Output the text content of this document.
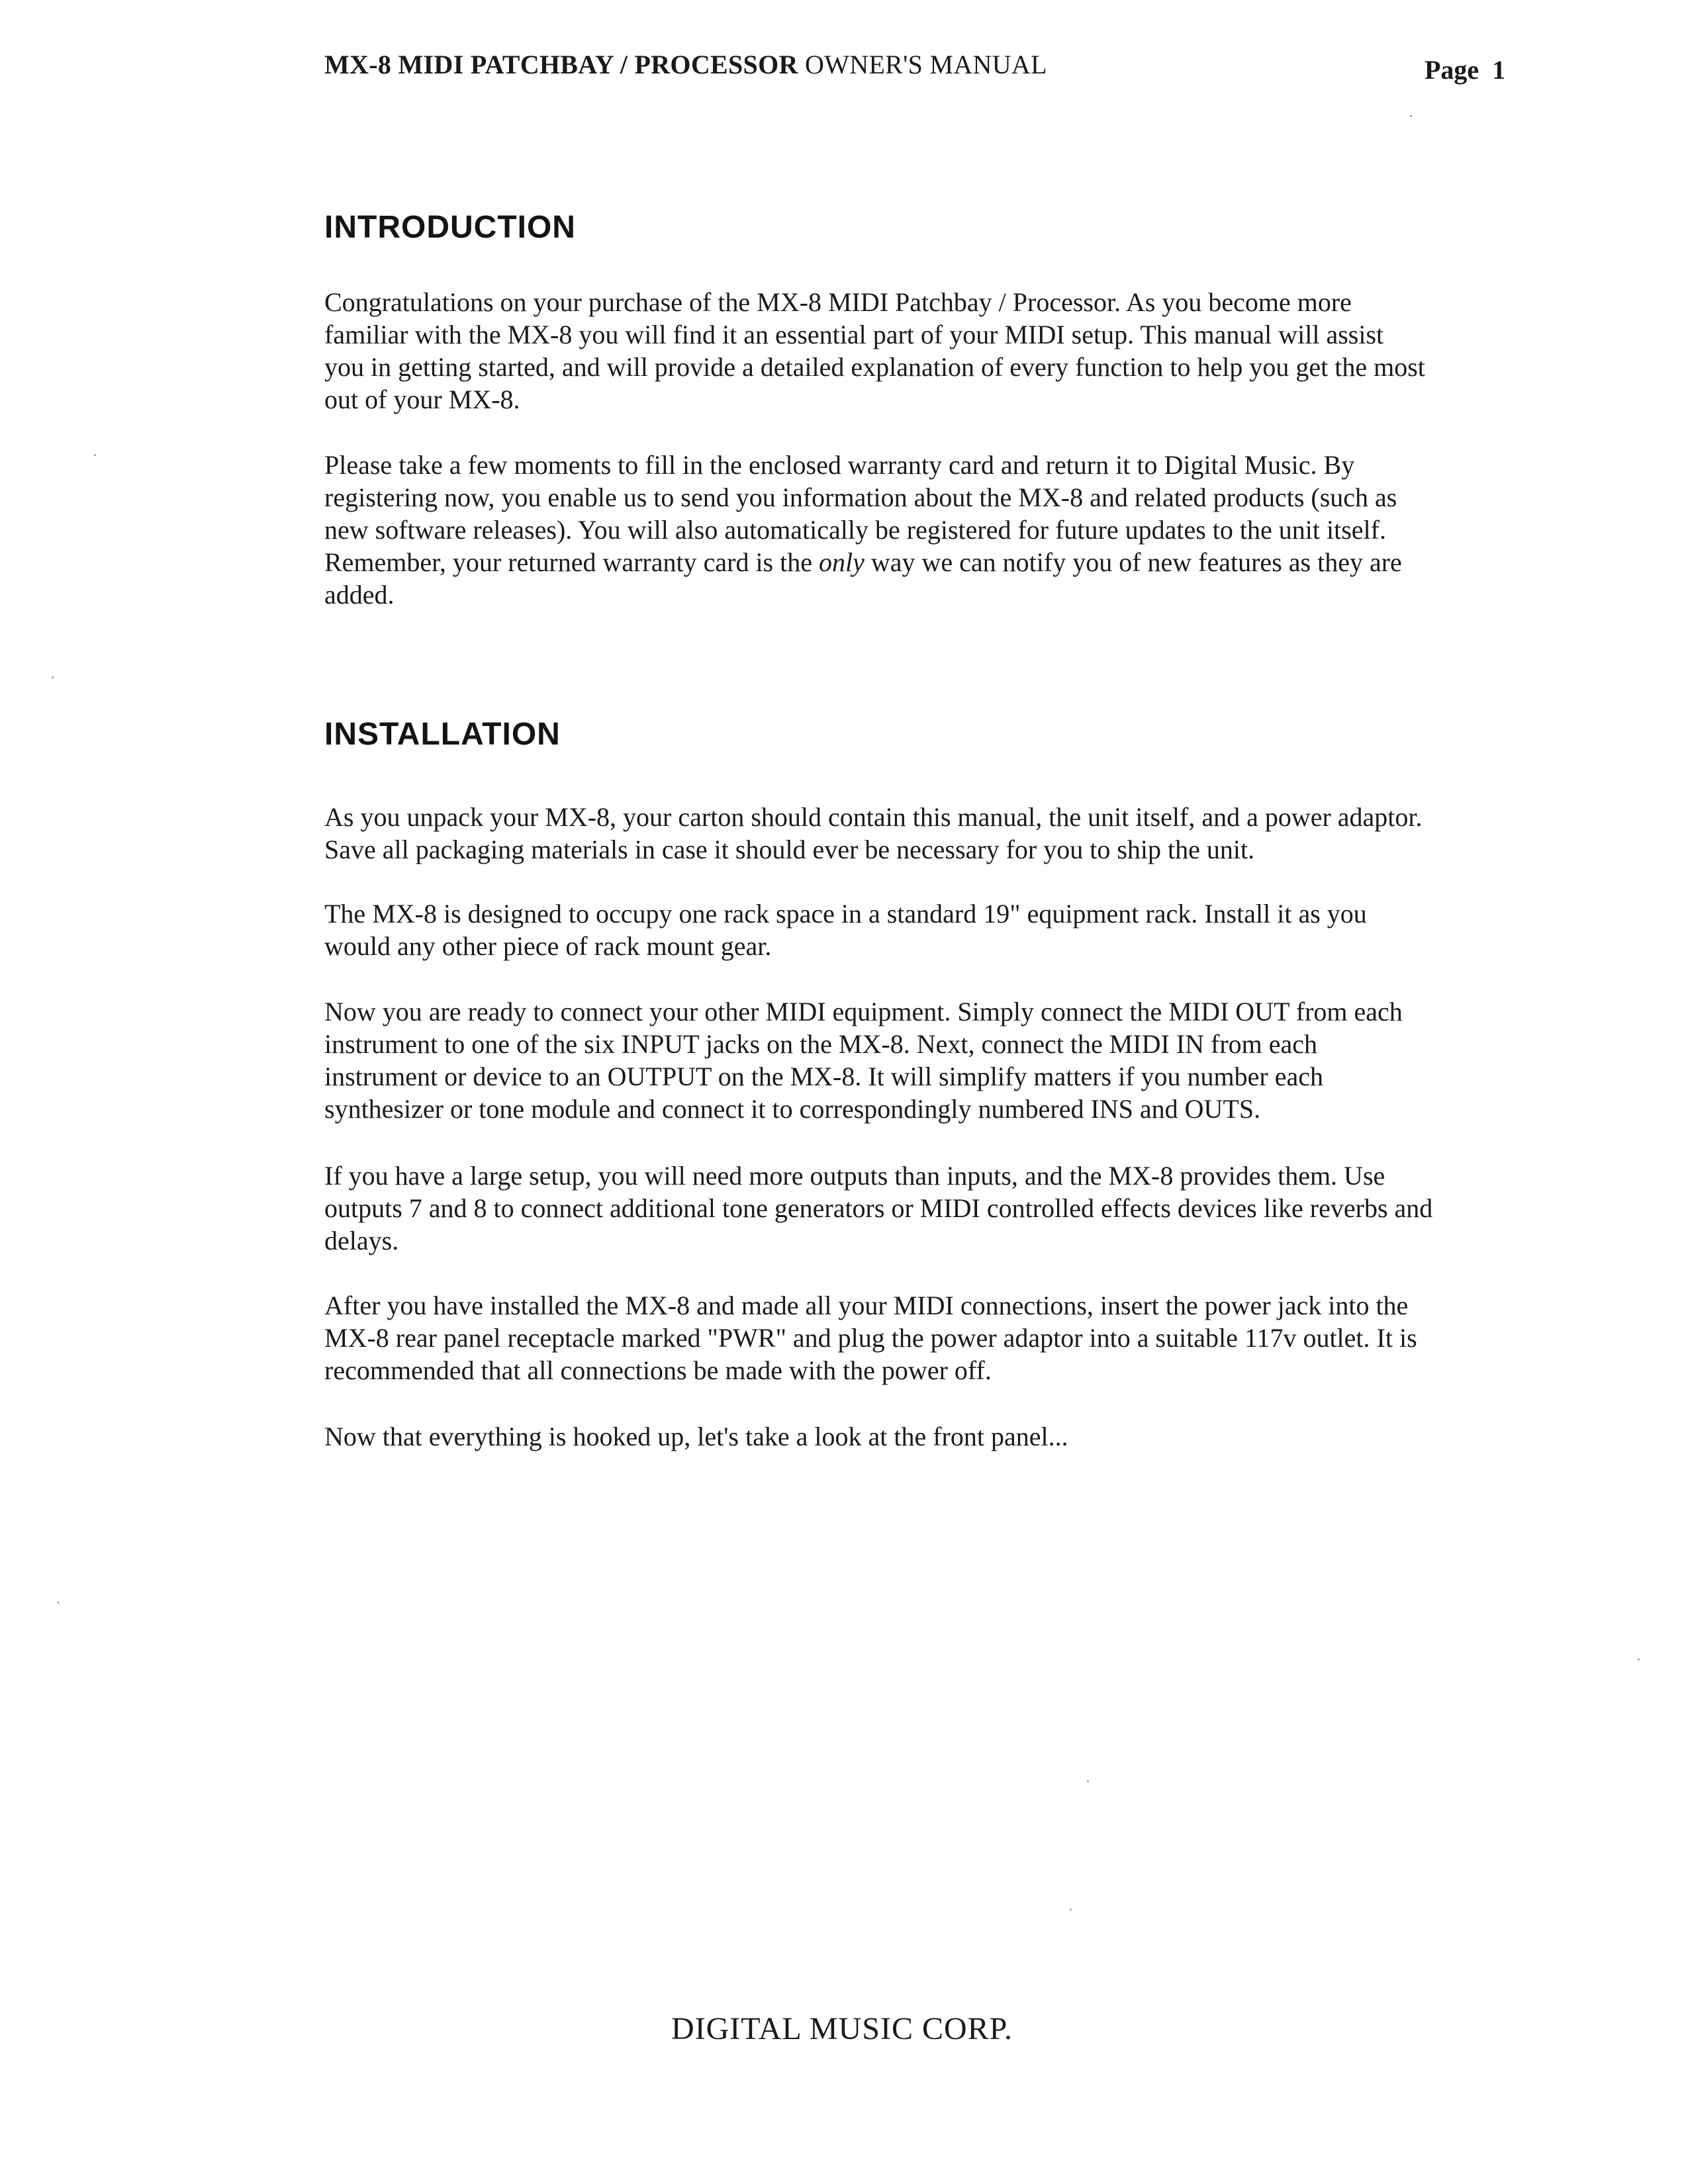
MX-8 MIDI PATCHBAY / PROCESSOR OWNER'S MANUAL	Page  1
INTRODUCTION

Congratulations on your purchase of the MX-8 MIDI Patchbay / Processor. As you become more
familiar with the MX-8 you will find it an essential part of your MIDI setup. This manual will assist
you in getting started, and will provide a detailed explanation of every function to help you get the most
out of your MX-8.

Please take a few moments to fill in the enclosed warranty card and return it to Digital Music. By
registering now, you enable us to send you information about the MX-8 and related products (such as
new software releases). You will also automatically be registered for future updates to the unit itself.
Remember, your returned warranty card is the only way we can notify you of new features as they are
added.

INSTALLATION

As you unpack your MX-8, your carton should contain this manual, the unit itself, and a power adaptor.
Save all packaging materials in case it should ever be necessary for you to ship the unit.

The MX-8 is designed to occupy one rack space in a standard 19" equipment rack. Install it as you
would any other piece of rack mount gear.

Now you are ready to connect your other MIDI equipment. Simply connect the MIDI OUT from each
instrument to one of the six INPUT jacks on the MX-8. Next, connect the MIDI IN from each
instrument or device to an OUTPUT on the MX-8. It will simplify matters if you number each
synthesizer or tone module and connect it to correspondingly numbered INS and OUTS.

If you have a large setup, you will need more outputs than inputs, and the MX-8 provides them. Use
outputs 7 and 8 to connect additional tone generators or MIDI controlled effects devices like reverbs and
delays.

After you have installed the MX-8 and made all your MIDI connections, insert the power jack into the
MX-8 rear panel receptacle marked "PWR" and plug the power adaptor into a suitable 117v outlet. It is
recommended that all connections be made with the power off.

Now that everything is hooked up, let's take a look at the front panel...

DIGITAL MUSIC CORP.
